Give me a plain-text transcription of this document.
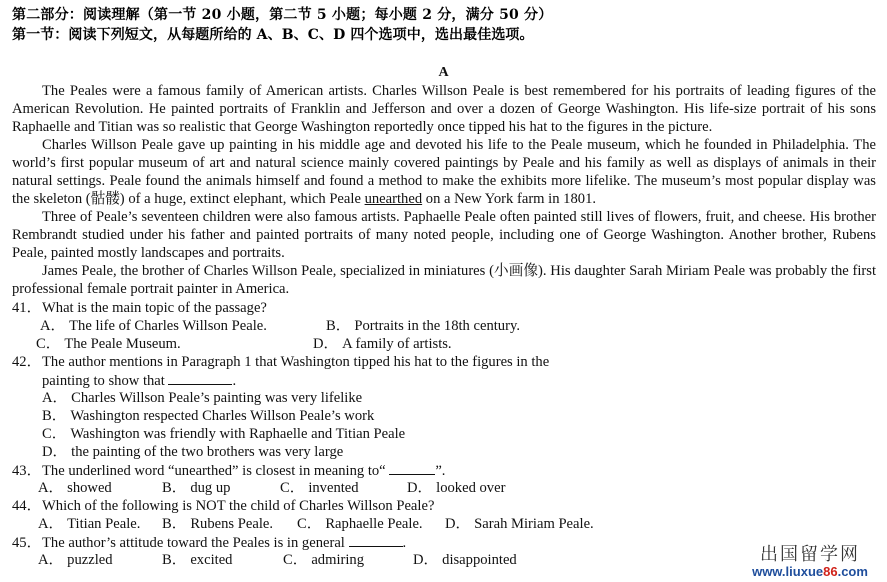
第二部分：阅读理解（第一节 20 小题，第二节 5 小题；每小题 2 分，满分 50 分）
第一节：阅读下列短文，从每题所给的 A、B、C、D 四个选项中，选出最佳选项。
A

The Peales were a famous family of American artists. Charles Willson Peale is best remembered for his portraits of leading figures of the American Revolution. He painted portraits of Franklin and Jefferson and over a dozen of George Washington. His life-size portrait of his sons Raphaelle and Titian was so realistic that George Washington reportedly once tipped his hat to the figures in the picture.

Charles Willson Peale gave up painting in his middle age and devoted his life to the Peale museum, which he founded in Philadelphia. The world’s first popular museum of art and natural science mainly covered paintings by Peale and his family as well as displays of animals in their natural settings. Peale found the animals himself and found a method to make the exhibits more lifelike. The museum’s most popular display was the skeleton (骷髅) of a huge, extinct elephant, which Peale unearthed on a New York farm in 1801.

Three of Peale’s seventeen children were also famous artists. Paphaelle Peale often painted still lives of flowers, fruit, and cheese. His brother Rembrandt studied under his father and painted portraits of many noted people, including one of George Washington. Another brother, Rubens Peale, painted mostly landscapes and portraits.

James Peale, the brother of Charles Willson Peale, specialized in miniatures (小画像). His daughter Sarah Miriam Peale was probably the first professional female portrait painter in America.

41．What is the main topic of the passage?
A． The life of Charles Willson Peale.	B． Portraits in the 18th century.
C． The Peale Museum.	D． A family of artists.
42．The author mentions in Paragraph 1 that Washington tipped his hat to the figures in the
painting to show that	.
A． Charles Willson Peale’s painting was very lifelike
B． Washington respected Charles Willson Peale’s work
C． Washington was friendly with Raphaelle and Titian Peale
D． the painting of the two brothers was very large
43．The underlined word “unearthed” is closest in meaning to“	”.
A． showed	B． dug up	C． invented	D． looked over
44．Which of the following is NOT the child of Charles Willson Peale?
A． Titian Peale. B． Rubens Peale. C． Raphaelle Peale. D． Sarah Miriam Peale.
45．The author’s attitude toward the Peales is in general	.
A． puzzled	B． excited	C． admiring	D． disappointed	出国留学网
www.liuxue86.com
